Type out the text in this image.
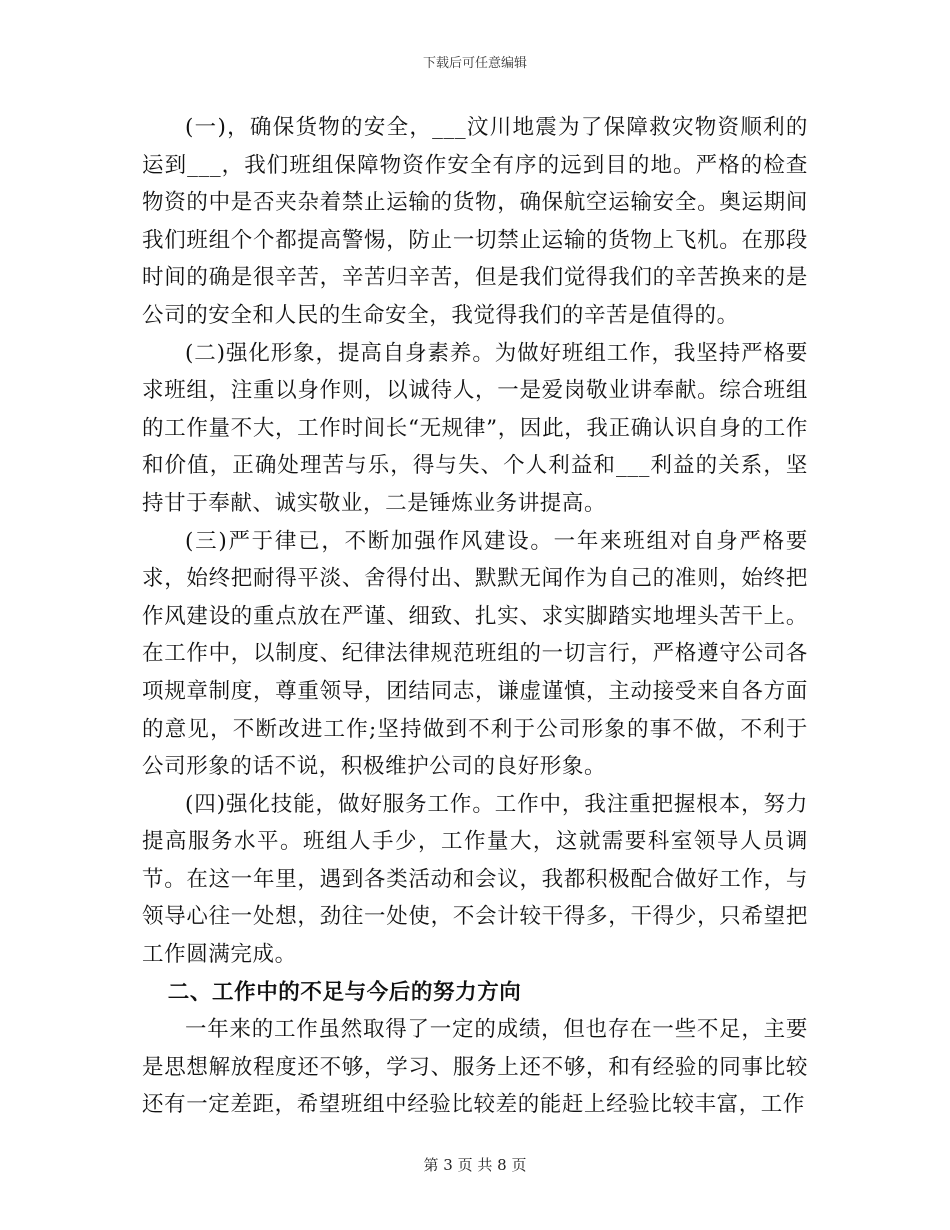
下载后可任意编辑

(一)，确保货物的安全，___汶川地震为了保障救灾物资顺利的运到___，我们班组保障物资作安全有序的远到目的地。严格的检查物资的中是否夹杂着禁止运输的货物，确保航空运输安全。奥运期间我们班组个个都提高警惕，防止一切禁止运输的货物上飞机。在那段时间的确是很辛苦，辛苦归辛苦，但是我们觉得我们的辛苦换来的是公司的安全和人民的生命安全，我觉得我们的辛苦是值得的。

(二)强化形象，提高自身素养。为做好班组工作，我坚持严格要求班组，注重以身作则，以诚待人，一是爱岗敬业讲奉献。综合班组的工作量不大，工作时间长“无规律”，因此，我正确认识自身的工作和价值，正确处理苦与乐，得与失、个人利益和___利益的关系，坚持甘于奉献、诚实敬业，二是锤炼业务讲提高。

(三)严于律已，不断加强作风建设。一年来班组对自身严格要求，始终把耐得平淡、舍得付出、默默无闻作为自己的准则，始终把作风建设的重点放在严谨、细致、扎实、求实脚踏实地埋头苦干上。在工作中，以制度、纪律法律规范班组的一切言行，严格遵守公司各项规章制度，尊重领导，团结同志，谦虚谨慎，主动接受来自各方面的意见，不断改进工作;坚持做到不利于公司形象的事不做，不利于公司形象的话不说，积极维护公司的良好形象。

(四)强化技能，做好服务工作。工作中，我注重把握根本，努力提高服务水平。班组人手少，工作量大，这就需要科室领导人员调节。在这一年里，遇到各类活动和会议，我都积极配合做好工作，与领导心往一处想，劲往一处使，不会计较干得多，干得少，只希望把工作圆满完成。

二、工作中的不足与今后的努力方向

一年来的工作虽然取得了一定的成绩，但也存在一些不足，主要是思想解放程度还不够，学习、服务上还不够，和有经验的同事比较还有一定差距，希望班组中经验比较差的能赶上经验比较丰富，工作

第 3 页 共 8 页
